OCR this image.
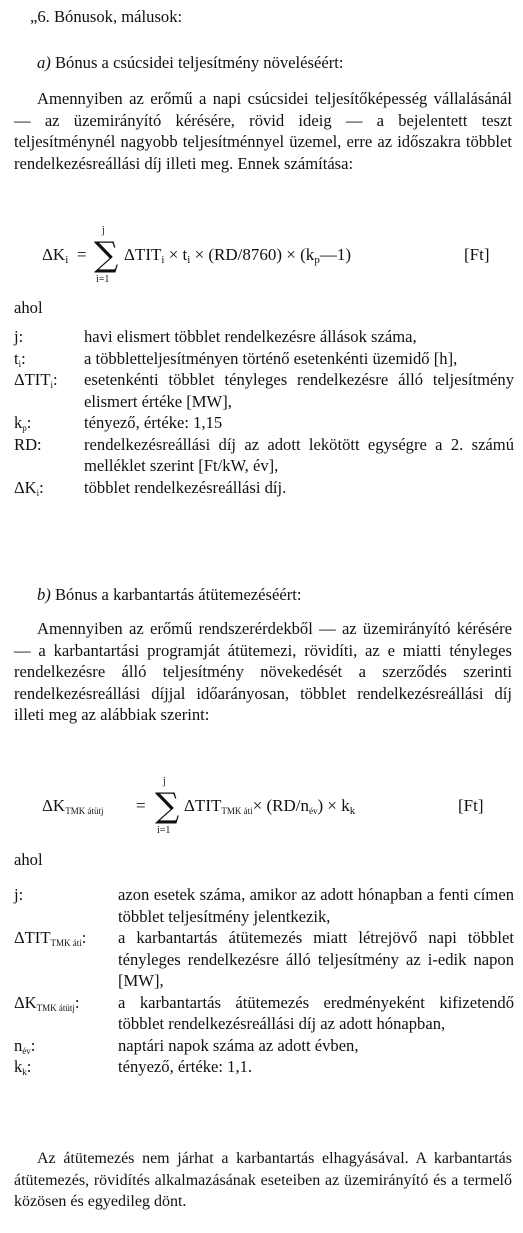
„6. Bónusok, málusok:
a) Bónus a csúcsidei teljesítmény növeléséért:
Amennyiben az erőmű a napi csúcsidei teljesítőképesség vállalásánál — az üzemirányító kérésére, rövid ideig — a bejelentett teszt teljesítménynél nagyobb teljesítménnyel üzemel, erre az időszakra többlet rendelkezésreállási díj illeti meg. Ennek számítása:
$\Delta K_i$ =
j
∑
i=1
$\Delta TIT_i \times t_i \times (RD/8760)$ × $(k_p—1)$	[Ft]
ahol
j:	havi elismert többlet rendelkezésre állások száma,
ti:	a többletteljesítményen történő esetenkénti üzemidő [h],
ΔTITi:	esetenkénti többlet tényleges rendelkezésre álló teljesítmény elismert értéke [MW],
kp:	tényező, értéke: 1,15
RD:	rendelkezésreállási díj az adott lekötött egységre a 2. számú melléklet szerint [Ft/kW, év],
ΔKi:	többlet rendelkezésreállási díj.
b) Bónus a karbantartás átütemezéséért:
Amennyiben az erőmű rendszerérdekből — az üzemirányító kérésére — a karbantartási programját átütemezi, rövidíti, az e miatti tényleges rendelkezésre álló teljesítmény növekedését a szerződés szerinti rendelkezésreállási díjjal időarányosan, többlet rendelkezésreállási díj illeti meg az alábbiak szerint:
ΔKTMK átütj =
j
∑
i=1
ΔTITTMK áti× (RD/név) × $k_k$	[Ft]
ahol
j:	azon esetek száma, amikor az adott hónapban a fenti címen többlet teljesítmény jelentkezik,
ΔTITTMK áti:	a karbantartás átütemezés miatt létrejövő napi többlet tényleges rendelkezésre álló teljesítmény az i-edik napon [MW],
ΔKTMK átütj:	a karbantartás átütemezés eredményeként kifizetendő többlet rendelkezésreállási díj az adott hónapban,
név:	naptári napok száma az adott évben,
kk:	tényező, értéke: 1,1.
Az átütemezés nem járhat a karbantartás elhagyásával. A karbantartás átütemezés, rövidítés alkalmazásának eseteiben az üzemirányító és a termelő közösen és egyedileg dönt.
